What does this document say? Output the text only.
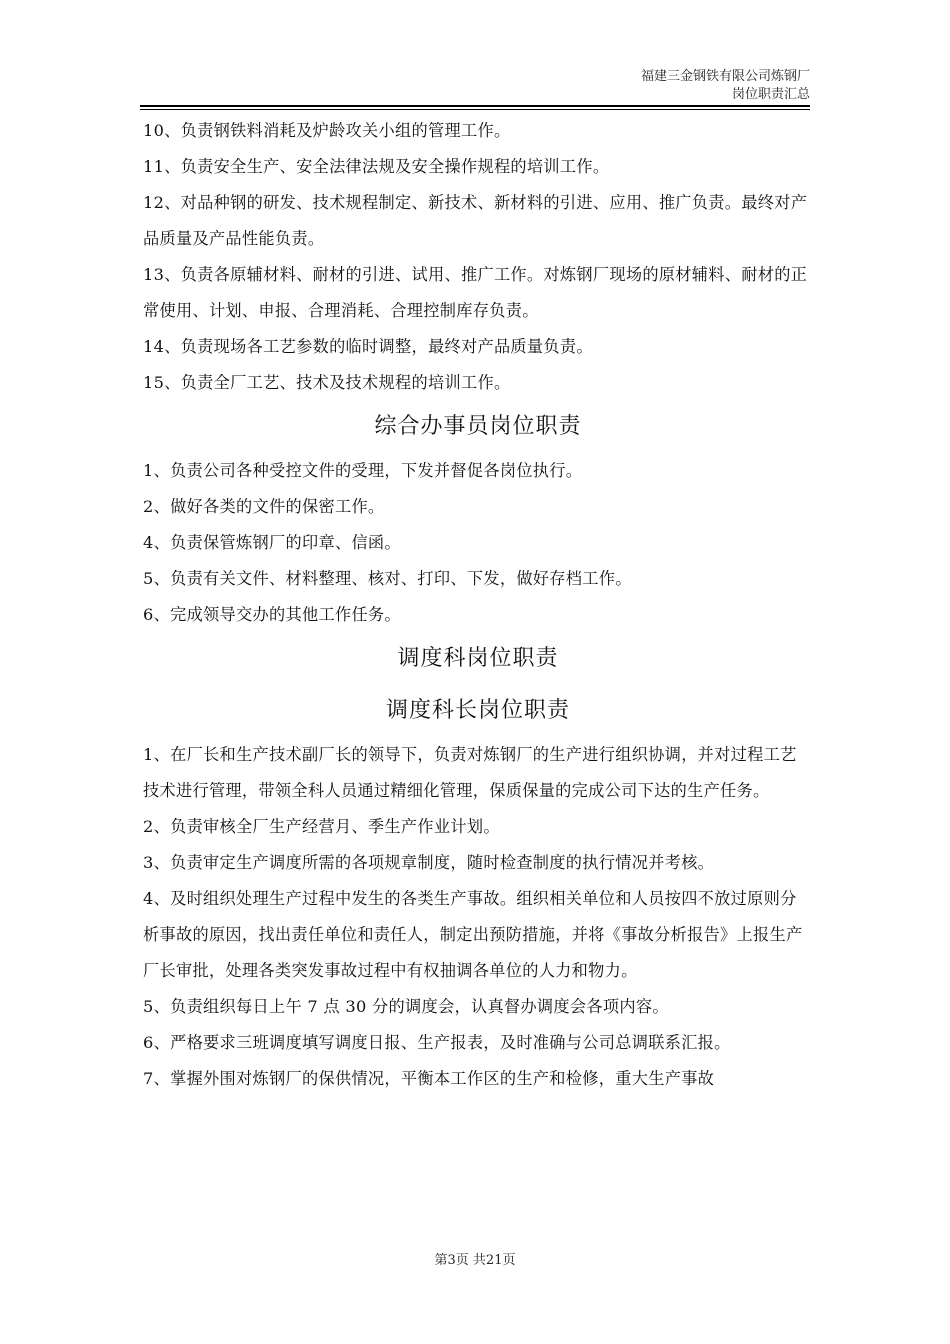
福建三金钢铁有限公司炼钢厂
岗位职责汇总

10、负责钢铁料消耗及炉龄攻关小组的管理工作。

11、负责安全生产、安全法律法规及安全操作规程的培训工作。

12、对品种钢的研发、技术规程制定、新技术、新材料的引进、应用、推广负责。最终对产品质量及产品性能负责。

13、负责各原辅材料、耐材的引进、试用、推广工作。对炼钢厂现场的原材辅料、耐材的正常使用、计划、申报、合理消耗、合理控制库存负责。

14、负责现场各工艺参数的临时调整，最终对产品质量负责。

15、负责全厂工艺、技术及技术规程的培训工作。

综合办事员岗位职责

1、负责公司各种受控文件的受理，下发并督促各岗位执行。

2、做好各类的文件的保密工作。

4、负责保管炼钢厂的印章、信函。

5、负责有关文件、材料整理、核对、打印、下发，做好存档工作。

6、完成领导交办的其他工作任务。

调度科岗位职责

调度科长岗位职责

1、在厂长和生产技术副厂长的领导下，负责对炼钢厂的生产进行组织协调，并对过程工艺技术进行管理，带领全科人员通过精细化管理，保质保量的完成公司下达的生产任务。

2、负责审核全厂生产经营月、季生产作业计划。

3、负责审定生产调度所需的各项规章制度，随时检查制度的执行情况并考核。

4、及时组织处理生产过程中发生的各类生产事故。组织相关单位和人员按四不放过原则分析事故的原因，找出责任单位和责任人，制定出预防措施，并将《事故分析报告》上报生产厂长审批，处理各类突发事故过程中有权抽调各单位的人力和物力。

5、负责组织每日上午 7 点 30 分的调度会，认真督办调度会各项内容。

6、严格要求三班调度填写调度日报、生产报表，及时准确与公司总调联系汇报。

7、掌握外围对炼钢厂的保供情况，平衡本工作区的生产和检修，重大生产事故

第3页 共21页
